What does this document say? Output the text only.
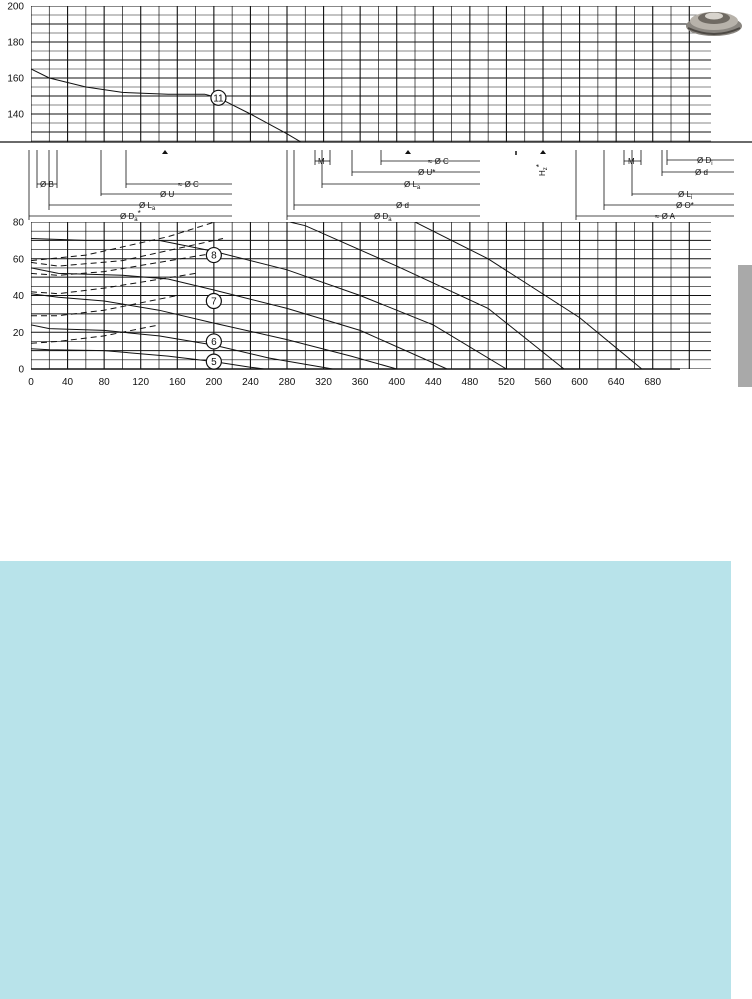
140
160
180
200
11
0
20
40
60
80
0	40	80 120 160 200 240 280 320 360 400 440 480 520 560 600 640 680
8
7
6
5
Ø B	≈ Ø C
Ø U
Ø $L_a$
Ø $D_a*$
M	≈ Ø C
Ø U*
Ø $L_a$
Ø d
Ø $D_a$
$H_z*$	M	Ø $D_i$
Ø d
Ø $L_i$
Ø O*
≈ Ø A
